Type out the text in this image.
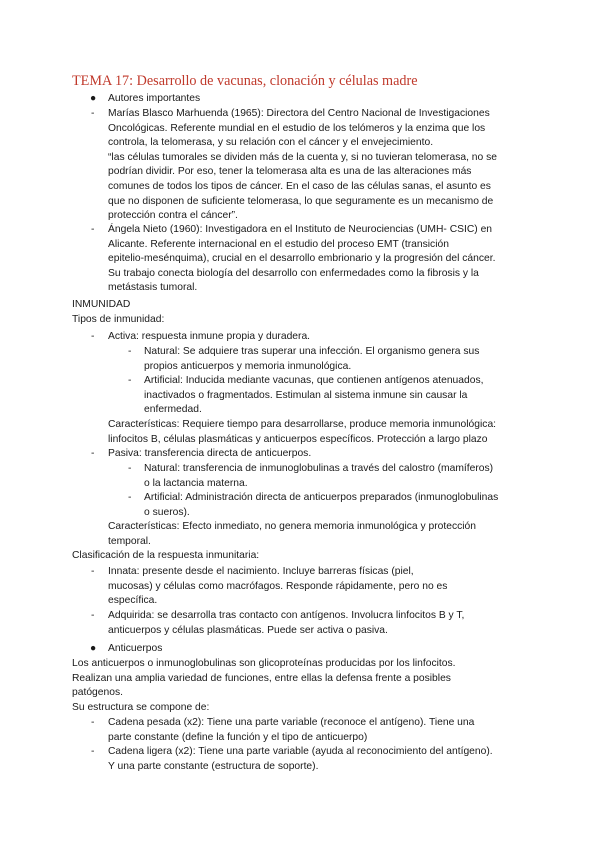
TEMA 17: Desarrollo de vacunas, clonación y células madre
● Autores importantes
- Marías Blasco Marhuenda (1965): Directora del Centro Nacional de Investigaciones
Oncológicas. Referente mundial en el estudio de los telómeros y la enzima que los
controla, la telomerasa, y su relación con el cáncer y el envejecimiento.
“las células tumorales se dividen más de la cuenta y, si no tuvieran telomerasa, no se
podrían dividir. Por eso, tener la telomerasa alta es una de las alteraciones más
comunes de todos los tipos de cáncer. En el caso de las células sanas, el asunto es
que no disponen de suficiente telomerasa, lo que seguramente es un mecanismo de
protección contra el cáncer”.
- Ángela Nieto (1960): Investigadora en el Instituto de Neurociencias (UMH- CSIC) en
Alicante. Referente internacional en el estudio del proceso EMT (transición
epitelio-mesénquima), crucial en el desarrollo embrionario y la progresión del cáncer.
Su trabajo conecta biología del desarrollo con enfermedades como la fibrosis y la
metástasis tumoral.
INMUNIDAD
Tipos de inmunidad:
- Activa: respuesta inmune propia y duradera.
- Natural: Se adquiere tras superar una infección. El organismo genera sus
propios anticuerpos y memoria inmunológica.
- Artificial: Inducida mediante vacunas, que contienen antígenos atenuados,
inactivados o fragmentados. Estimulan al sistema inmune sin causar la
enfermedad.
Características: Requiere tiempo para desarrollarse, produce memoria inmunológica:
linfocitos B, células plasmáticas y anticuerpos específicos. Protección a largo plazo
- Pasiva: transferencia directa de anticuerpos.
- Natural: transferencia de inmunoglobulinas a través del calostro (mamíferos)
o la lactancia materna.
- Artificial: Administración directa de anticuerpos preparados (inmunoglobulinas
o sueros).
Características: Efecto inmediato, no genera memoria inmunológica y protección
temporal.
Clasificación de la respuesta inmunitaria:
- Innata: presente desde el nacimiento. Incluye barreras físicas (piel,
mucosas) y células como macrófagos. Responde rápidamente, pero no es
específica.
- Adquirida: se desarrolla tras contacto con antígenos. Involucra linfocitos B y T,
anticuerpos y células plasmáticas. Puede ser activa o pasiva.
● Anticuerpos
Los anticuerpos o inmunoglobulinas son glicoproteínas producidas por los linfocitos.
Realizan una amplia variedad de funciones, entre ellas la defensa frente a posibles
patógenos.
Su estructura se compone de:
- Cadena pesada (x2): Tiene una parte variable (reconoce el antígeno). Tiene una
parte constante (define la función y el tipo de anticuerpo)
- Cadena ligera (x2): Tiene una parte variable (ayuda al reconocimiento del antígeno).
Y una parte constante (estructura de soporte).
